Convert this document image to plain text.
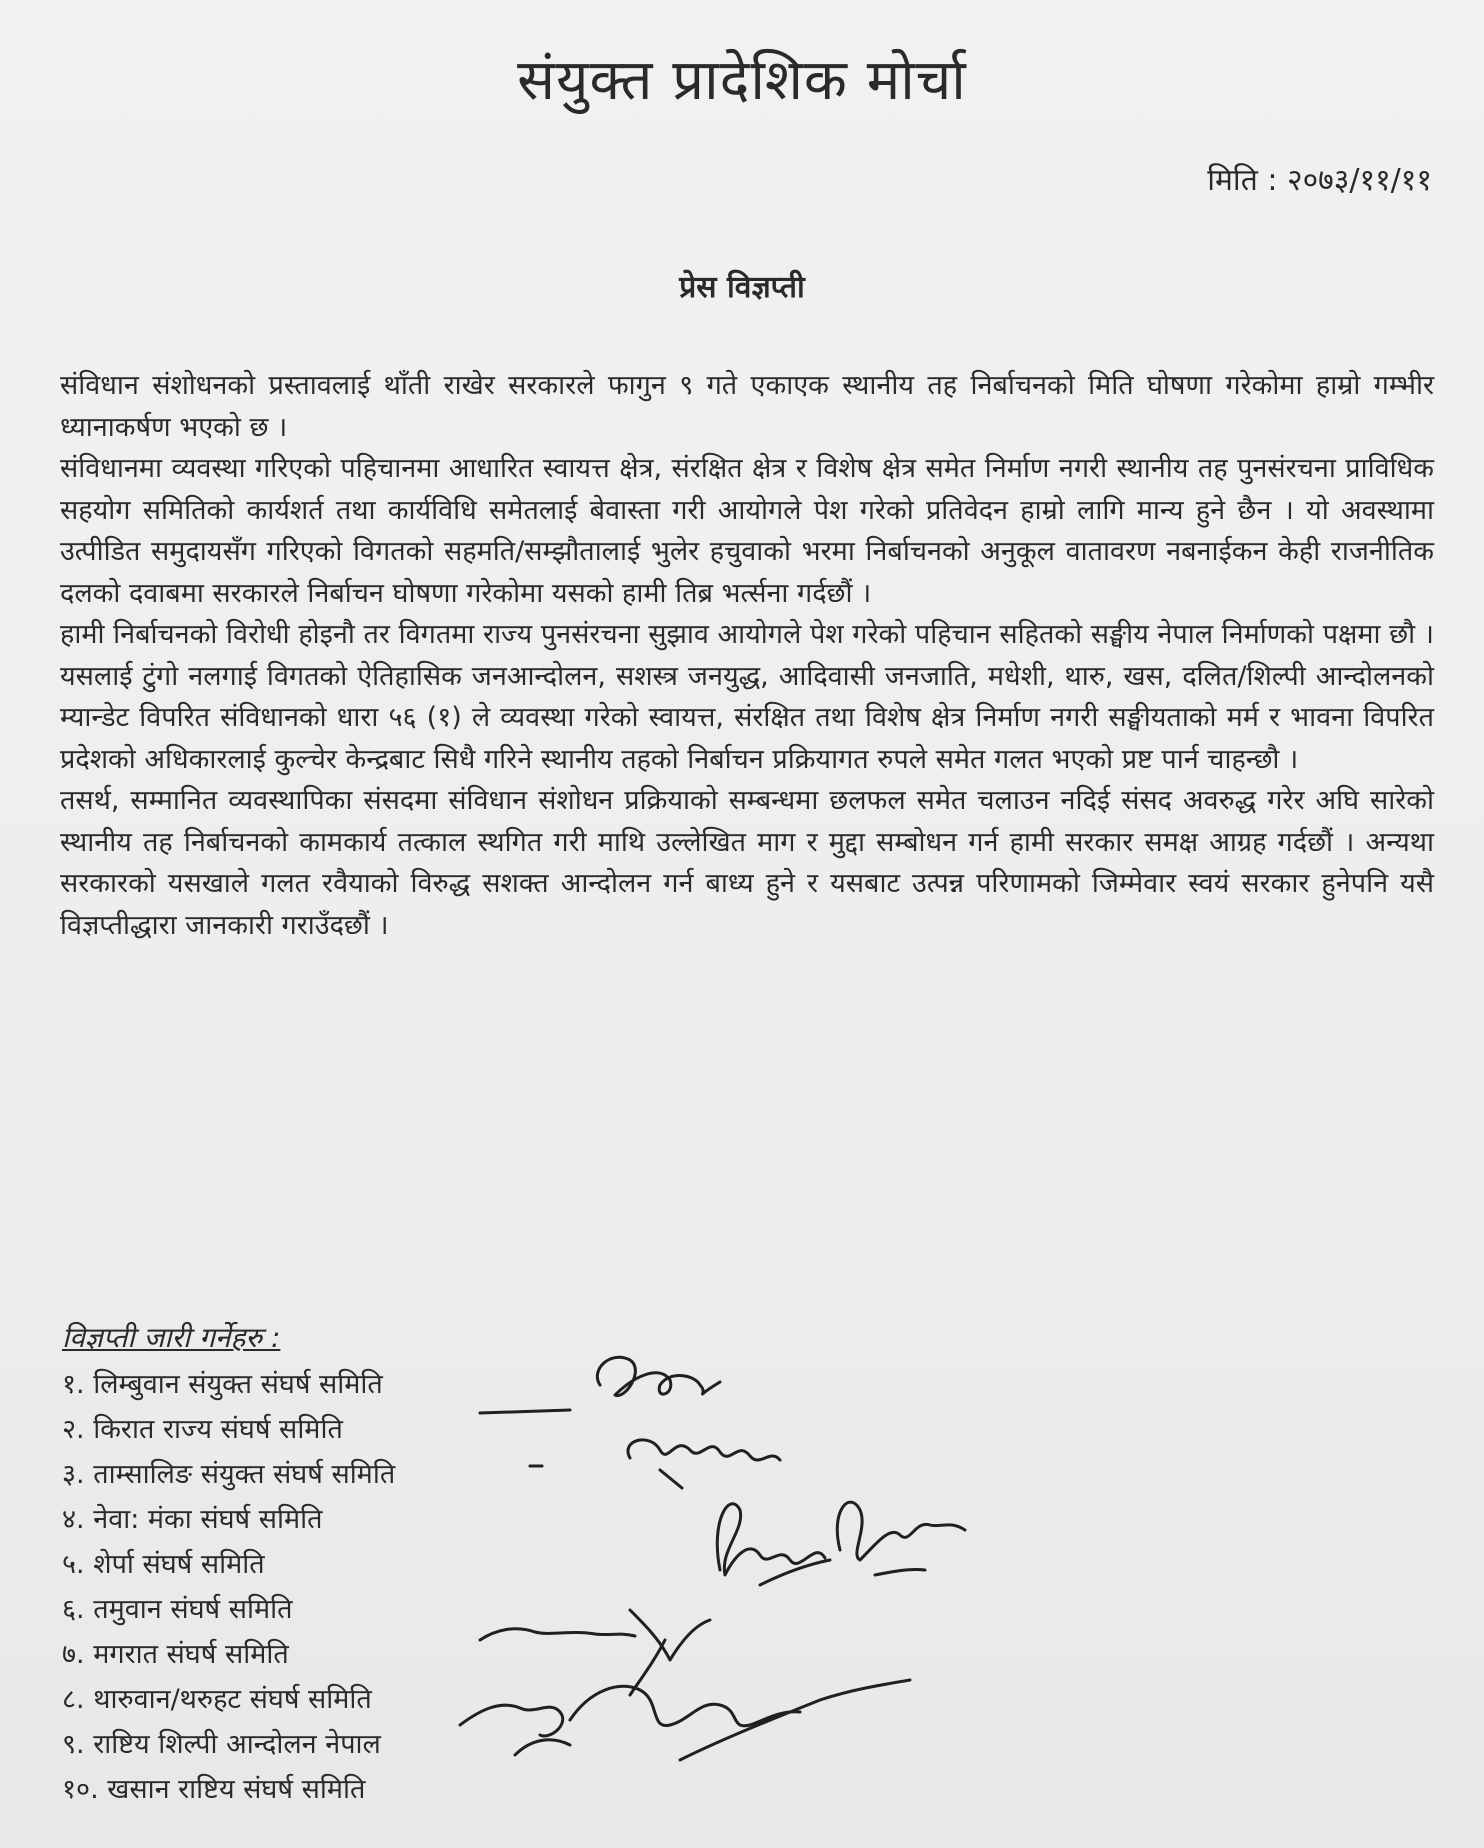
संयुक्त प्रादेशिक मोर्चा
मिति : २०७३/११/११
प्रेस विज्ञप्ती

संविधान संशोधनको प्रस्तावलाई थाँती राखेर सरकारले फागुन ९ गते एकाएक स्थानीय तह निर्बाचनको मिति घोषणा गरेकोमा हाम्रो गम्भीर ध्यानाकर्षण भएको छ ।

संविधानमा व्यवस्था गरिएको पहिचानमा आधारित स्वायत्त क्षेत्र, संरक्षित क्षेत्र र विशेष क्षेत्र समेत निर्माण नगरी स्थानीय तह पुनसंरचना प्राविधिक सहयोग समितिको कार्यशर्त तथा कार्यविधि समेतलाई बेवास्ता गरी आयोगले पेश गरेको प्रतिवेदन हाम्रो लागि मान्य हुने छैन । यो अवस्थामा उत्पीडित समुदायसँग गरिएको विगतको सहमति/सम्झौतालाई भुलेर हचुवाको भरमा निर्बाचनको अनुकूल वातावरण नबनाईकन केही राजनीतिक दलको दवाबमा सरकारले निर्बाचन घोषणा गरेकोमा यसको हामी तिब्र भर्त्सना गर्दछौं ।

हामी निर्बाचनको विरोधी होइनौ तर विगतमा राज्य पुनसंरचना सुझाव आयोगले पेश गरेको पहिचान सहितको सङ्घीय नेपाल निर्माणको पक्षमा छौ । यसलाई टुंगो नलगाई विगतको ऐतिहासिक जनआन्दोलन, सशस्त्र जनयुद्ध, आदिवासी जनजाति, मधेशी, थारु, खस, दलित/शिल्पी आन्दोलनको म्यान्डेट विपरित संविधानको धारा ५६ (१) ले व्यवस्था गरेको स्वायत्त, संरक्षित तथा विशेष क्षेत्र निर्माण नगरी सङ्घीयताको मर्म र भावना विपरित प्रदेशको अधिकारलाई कुल्चेर केन्द्रबाट सिधै गरिने स्थानीय तहको निर्बाचन प्रक्रियागत रुपले समेत गलत भएको प्रष्ट पार्न चाहन्छौ ।

तसर्थ, सम्मानित व्यवस्थापिका संसदमा संविधान संशोधन प्रक्रियाको सम्बन्धमा छलफल समेत चलाउन नदिई संसद अवरुद्ध गरेर अघि सारेको स्थानीय तह निर्बाचनको कामकार्य तत्काल स्थगित गरी माथि उल्लेखित माग र मुद्दा सम्बोधन गर्न हामी सरकार समक्ष आग्रह गर्दछौं । अन्यथा सरकारको यसखाले गलत रवैयाको विरुद्ध सशक्त आन्दोलन गर्न बाध्य हुने र यसबाट उत्पन्न परिणामको जिम्मेवार स्वयं सरकार हुनेपनि यसै विज्ञप्तीद्धारा जानकारी गराउँदछौं ।

विज्ञप्ती जारी गर्नेहरु :
१. लिम्बुवान संयुक्त संघर्ष समिति
२. किरात राज्य संघर्ष समिति
३. ताम्सालिङ संयुक्त संघर्ष समिति
४. नेवा: मंका संघर्ष समिति
५. शेर्पा संघर्ष समिति
६. तमुवान संघर्ष समिति
७. मगरात संघर्ष समिति
८. थारुवान/थरुहट संघर्ष समिति
९. राष्टिय शिल्पी आन्दोलन नेपाल
१०. खसान राष्टिय संघर्ष समिति
